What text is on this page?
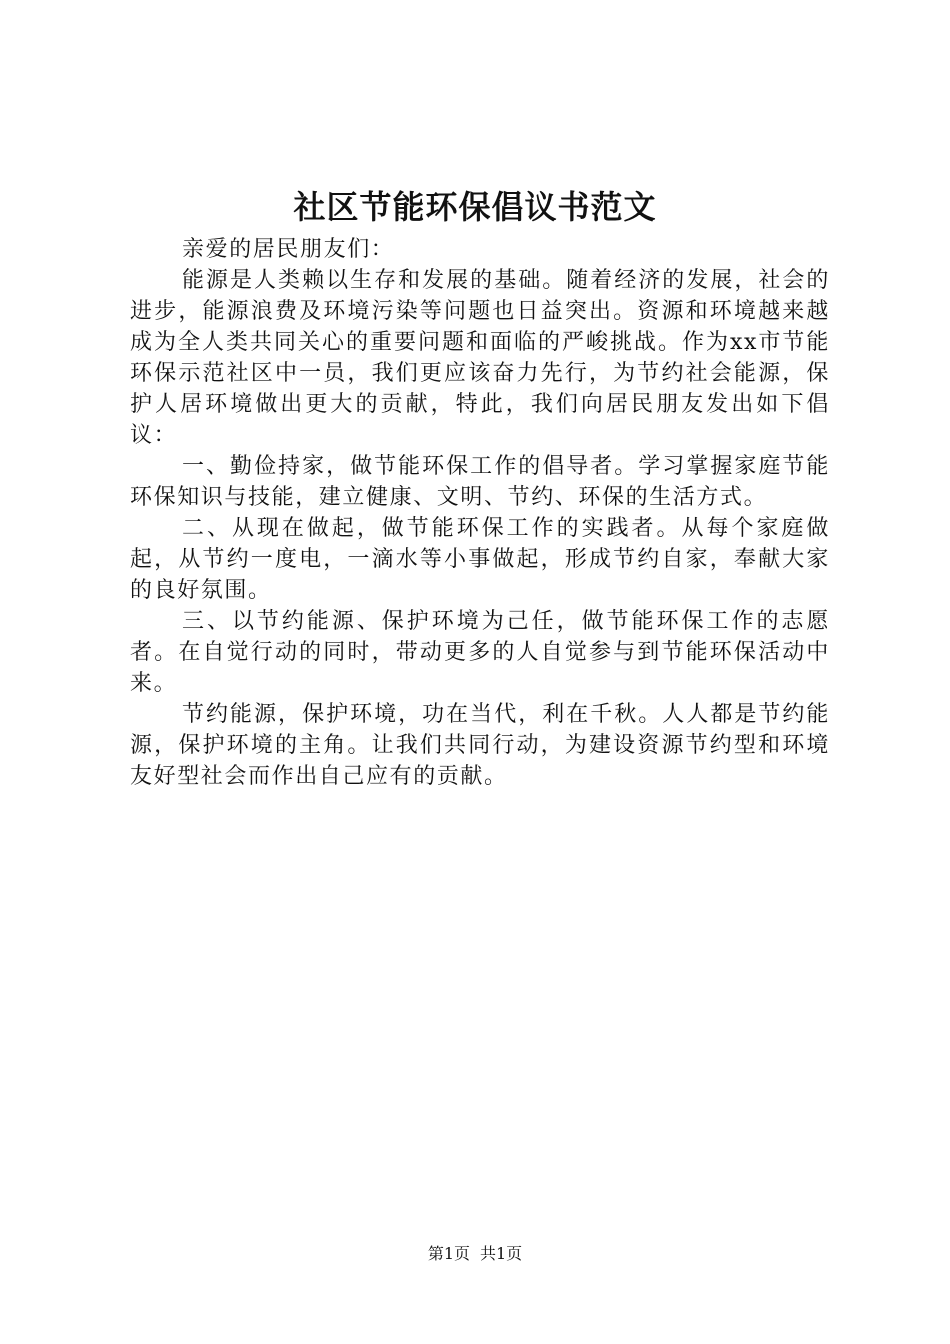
社区节能环保倡议书范文

亲爱的居民朋友们：

能源是人类赖以生存和发展的基础。随着经济的发展，社会的进步，能源浪费及环境污染等问题也日益突出。资源和环境越来越成为全人类共同关心的重要问题和面临的严峻挑战。作为xx市节能环保示范社区中一员，我们更应该奋力先行，为节约社会能源，保护人居环境做出更大的贡献，特此，我们向居民朋友发出如下倡议：

一、勤俭持家，做节能环保工作的倡导者。学习掌握家庭节能环保知识与技能，建立健康、文明、节约、环保的生活方式。

二、从现在做起，做节能环保工作的实践者。从每个家庭做起，从节约一度电，一滴水等小事做起，形成节约自家，奉献大家的良好氛围。

三、以节约能源、保护环境为己任，做节能环保工作的志愿者。在自觉行动的同时，带动更多的人自觉参与到节能环保活动中来。

节约能源，保护环境，功在当代，利在千秋。人人都是节约能源，保护环境的主角。让我们共同行动，为建设资源节约型和环境友好型社会而作出自己应有的贡献。

第1页 共1页
